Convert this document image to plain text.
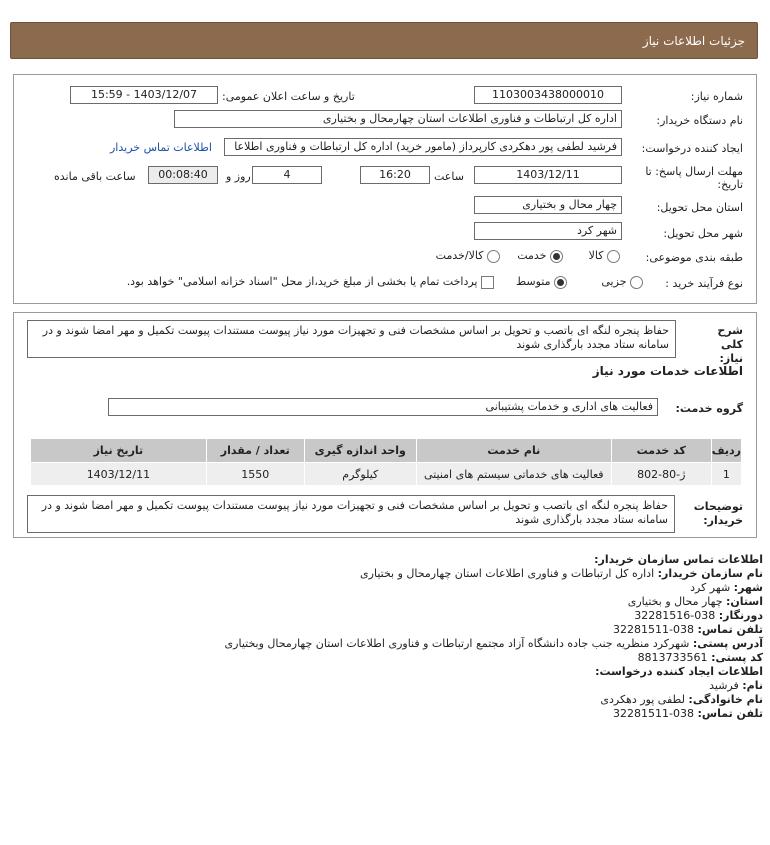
جزئیات اطلاعات نیاز
شماره نیاز:
1103003438000010
تاریخ و ساعت اعلان عمومی:
1403/12/07 - 15:59
نام دستگاه خریدار:
اداره کل ارتباطات و فناوری اطلاعات استان چهارمحال و بختیاری
ایجاد کننده درخواست:
فرشید لطفی پور دهکردی کارپرداز (مامور خرید) اداره کل ارتباطات و فناوری اطلاعا
اطلاعات تماس خریدار
مهلت ارسال پاسخ: تا
تاریخ:
1403/12/11
ساعت
16:20
4
روز و
00:08:40
ساعت باقی مانده
استان محل تحویل:
چهار محال و بختیاری
شهر محل تحویل:
شهر کرد
طبقه بندی موضوعی:
کالا
خدمت
کالا/خدمت
نوع فرآیند خرید :
جزیی
متوسط
پرداخت تمام یا بخشی از مبلغ خرید،از محل "اسناد خزانه اسلامی" خواهد بود.
شرح کلی نیاز:
حفاظ پنجره لنگه ای باتصب و تحویل بر اساس مشخصات فنی و تجهیزات مورد نیاز پیوست مستندات پیوست تکمیل و مهر امضا شوند و در سامانه ستاد مجدد بارگذاری شوند
اطلاعات خدمات مورد نیاز
گروه خدمت:
فعالیت های اداری و خدمات پشتیبانی
ردیف	کد خدمت	نام خدمت	واحد اندازه گیری	تعداد / مقدار	تاریخ نیاز
1	ژ-80-802	فعالیت های خدماتی سیستم های امنیتی	کیلوگرم	1550	1403/12/11
توضیحات خریدار:
حفاظ پنجره لنگه ای باتصب و تحویل بر اساس مشخصات فنی و تجهیزات مورد نیاز پیوست مستندات پیوست تکمیل و مهر امضا شوند و در سامانه ستاد مجدد بارگذاری شوند
اطلاعات تماس سازمان خریدار:
نام سازمان خریدار: اداره کل ارتباطات و فناوری اطلاعات استان چهارمحال و بختیاری
شهر: شهر کرد
استان: چهار محال و بختیاری
دورنگار: 038-32281516
تلفن تماس: 038-32281511
آدرس پستی: شهرکرد منظریه جنب جاده دانشگاه آزاد مجتمع ارتباطات و فناوری اطلاعات استان چهارمحال وبختیاری
کد پستی: 8813733561
اطلاعات ایجاد کننده درخواست:
نام: فرشید
نام خانوادگی: لطفی پور دهکردی
تلفن تماس: 038-32281511
